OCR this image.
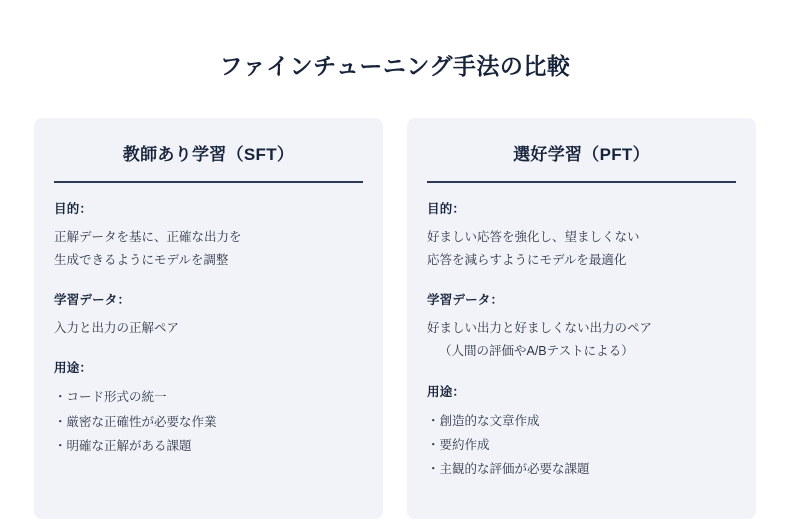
ファインチューニング手法の比較
教師あり学習（SFT）
目的：

正解データを基に、正確な出力を

生成できるようにモデルを調整

学習データ：

入力と出力の正解ペア

用途：
・コード形式の統一
・厳密な正確性が必要な作業
・明確な正解がある課題
選好学習（PFT）
目的：

好ましい応答を強化し、望ましくない

応答を減らすようにモデルを最適化

学習データ：

好ましい出力と好ましくない出力のペア

（人間の評価やA/Bテストによる）

用途：
・創造的な文章作成
・要約作成
・主観的な評価が必要な課題
